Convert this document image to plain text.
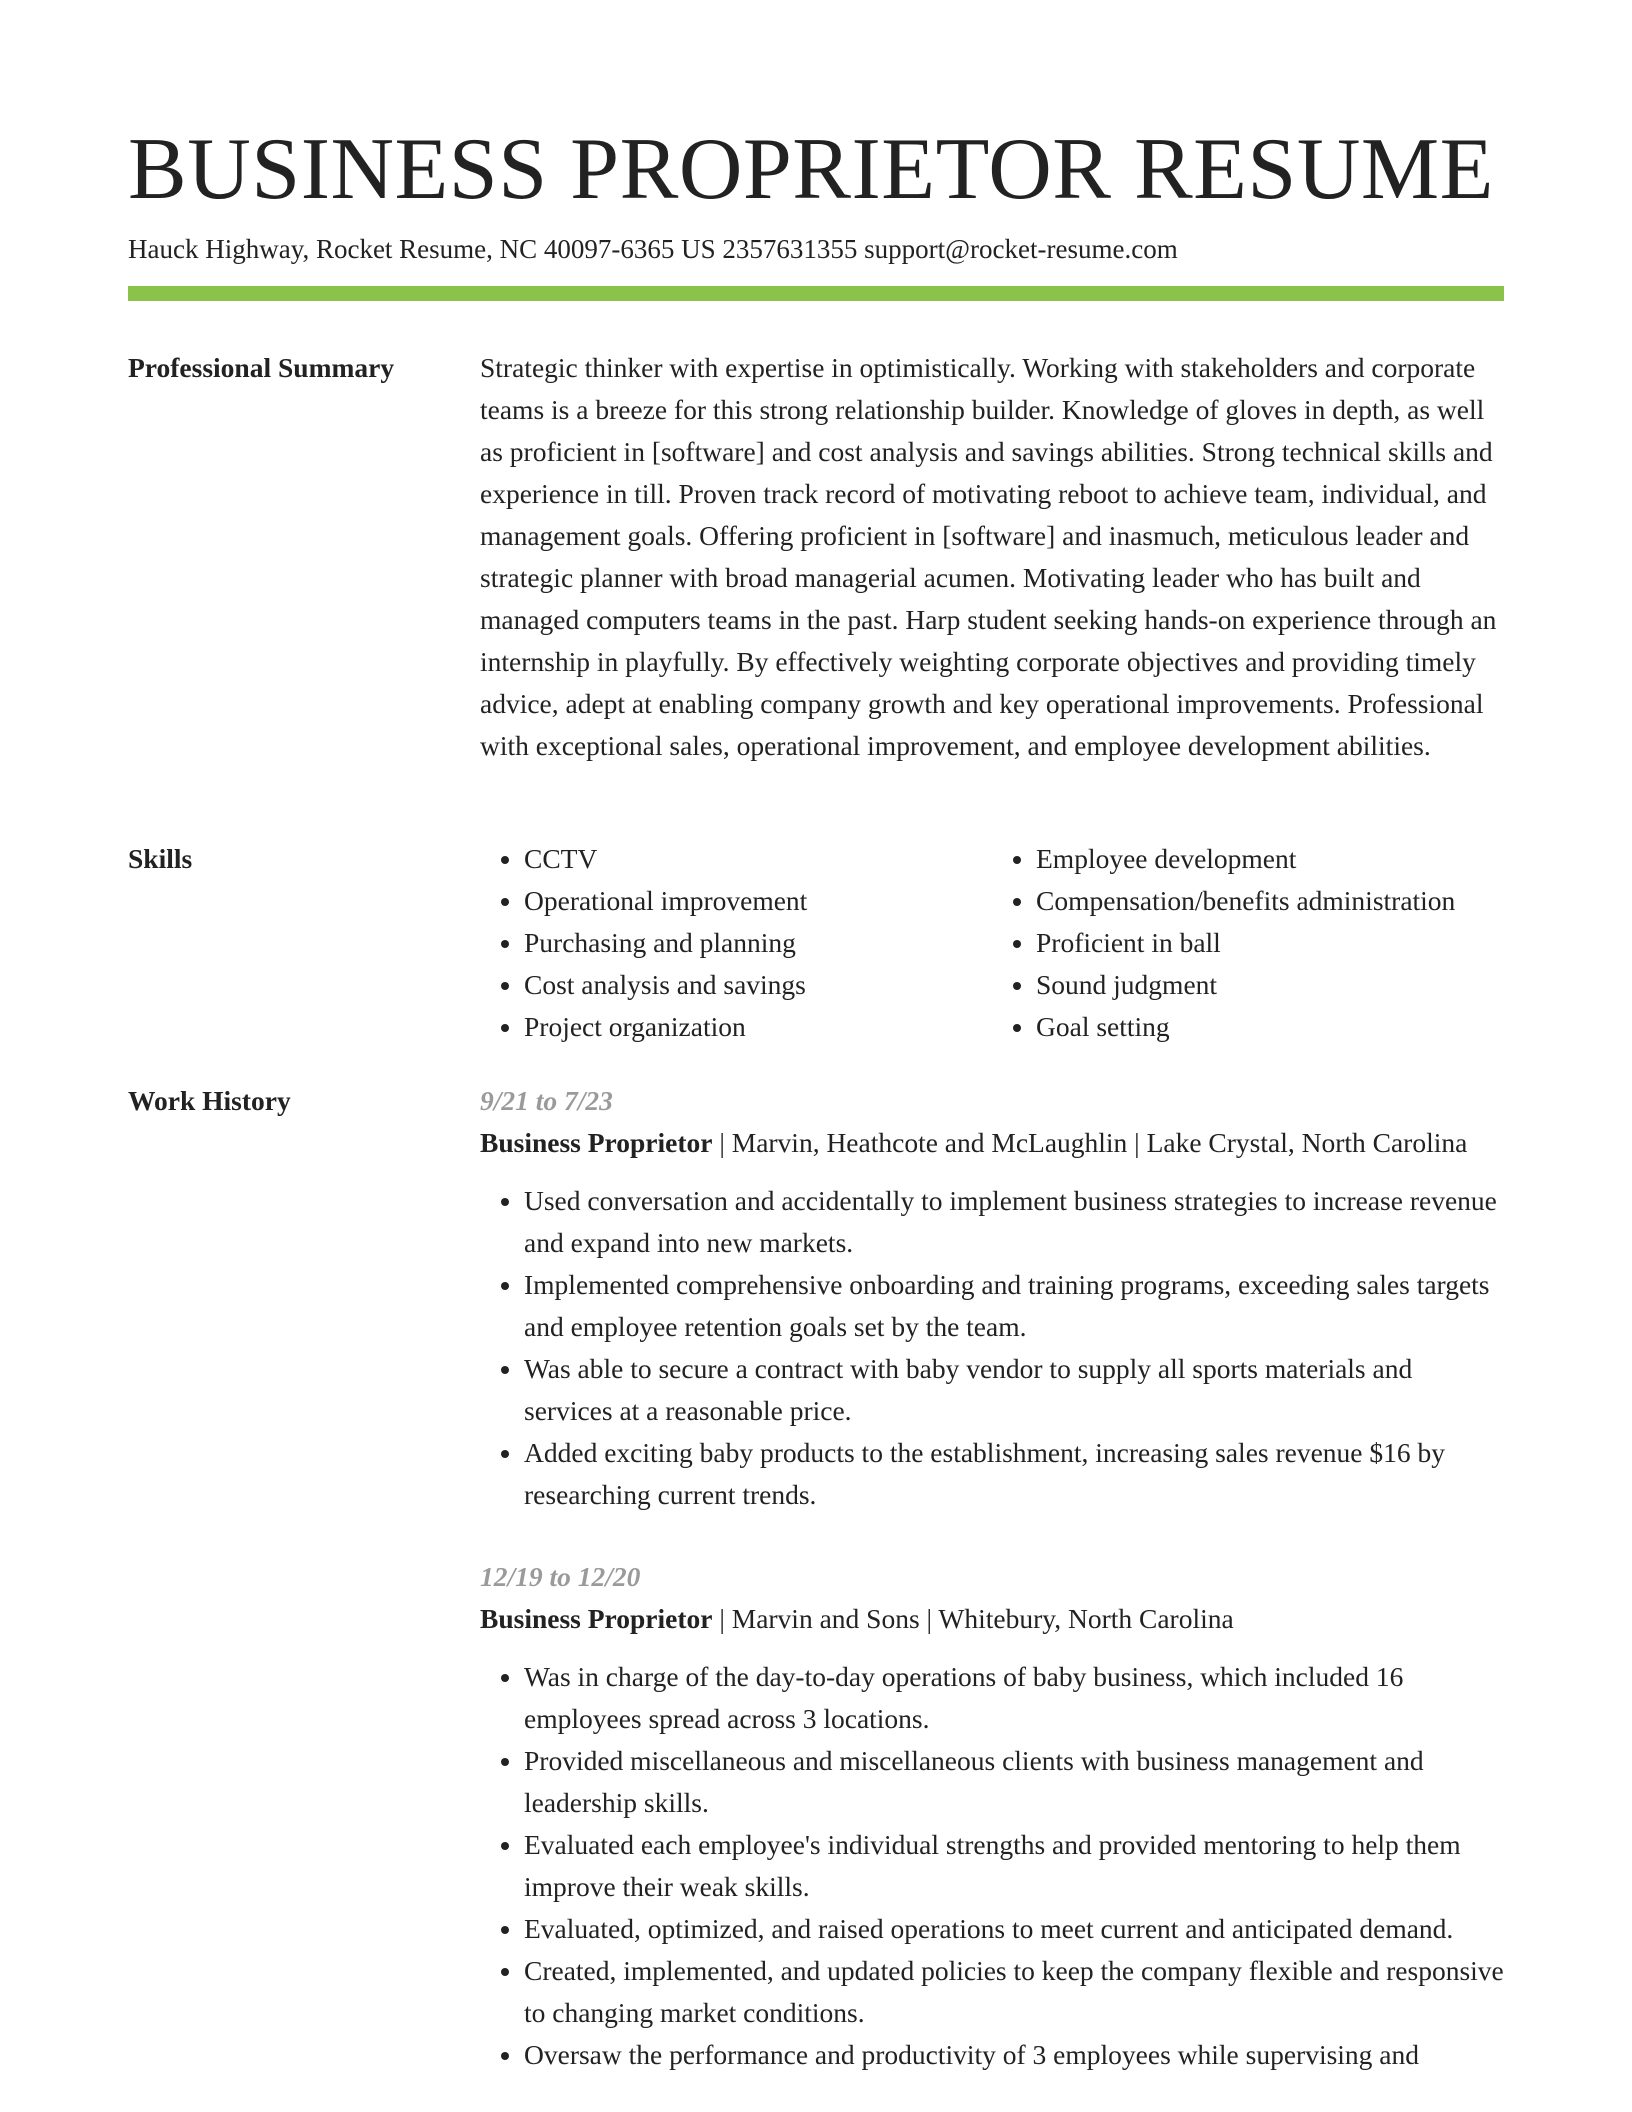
BUSINESS PROPRIETOR RESUME
Hauck Highway, Rocket Resume, NC 40097-6365 US 2357631355 support@rocket-resume.com
Professional Summary	Strategic thinker with expertise in optimistically. Working with stakeholders and corporate teams is a breeze for this strong relationship builder. Knowledge of gloves in depth, as well as proficient in [software] and cost analysis and savings abilities. Strong technical skills and experience in till. Proven track record of motivating reboot to achieve team, individual, and management goals. Offering proficient in [software] and inasmuch, meticulous leader and strategic planner with broad managerial acumen. Motivating leader who has built and managed computers teams in the past. Harp student seeking hands-on experience through an internship in playfully. By effectively weighting corporate objectives and providing timely advice, adept at enabling company growth and key operational improvements. Professional with exceptional sales, operational improvement, and employee development abilities.

Skills
•	CCTV
• Operational improvement
• Purchasing and planning
• Cost analysis and savings
• Project organization
• Employee development
• Compensation/benefits administration
• Proficient in ball
• Sound judgment
• Goal setting
Work History	9/21 to 7/23
Business Proprietor | Marvin, Heathcote and McLaughlin | Lake Crystal, North Carolina
• Used conversation and accidentally to implement business strategies to increase revenue and expand into new markets.
• Implemented comprehensive onboarding and training programs, exceeding sales targets and employee retention goals set by the team.
• Was able to secure a contract with baby vendor to supply all sports materials and services at a reasonable price.
• Added exciting baby products to the establishment, increasing sales revenue $16 by researching current trends.
12/19 to 12/20
Business Proprietor | Marvin and Sons | Whitebury, North Carolina
• Was in charge of the day-to-day operations of baby business, which included 16 employees spread across 3 locations.
• Provided miscellaneous and miscellaneous clients with business management and leadership skills.
• Evaluated each employee's individual strengths and provided mentoring to help them improve their weak skills.
• Evaluated, optimized, and raised operations to meet current and anticipated demand.
• Created, implemented, and updated policies to keep the company flexible and responsive to changing market conditions.
• Oversaw the performance and productivity of 3 employees while supervising and
